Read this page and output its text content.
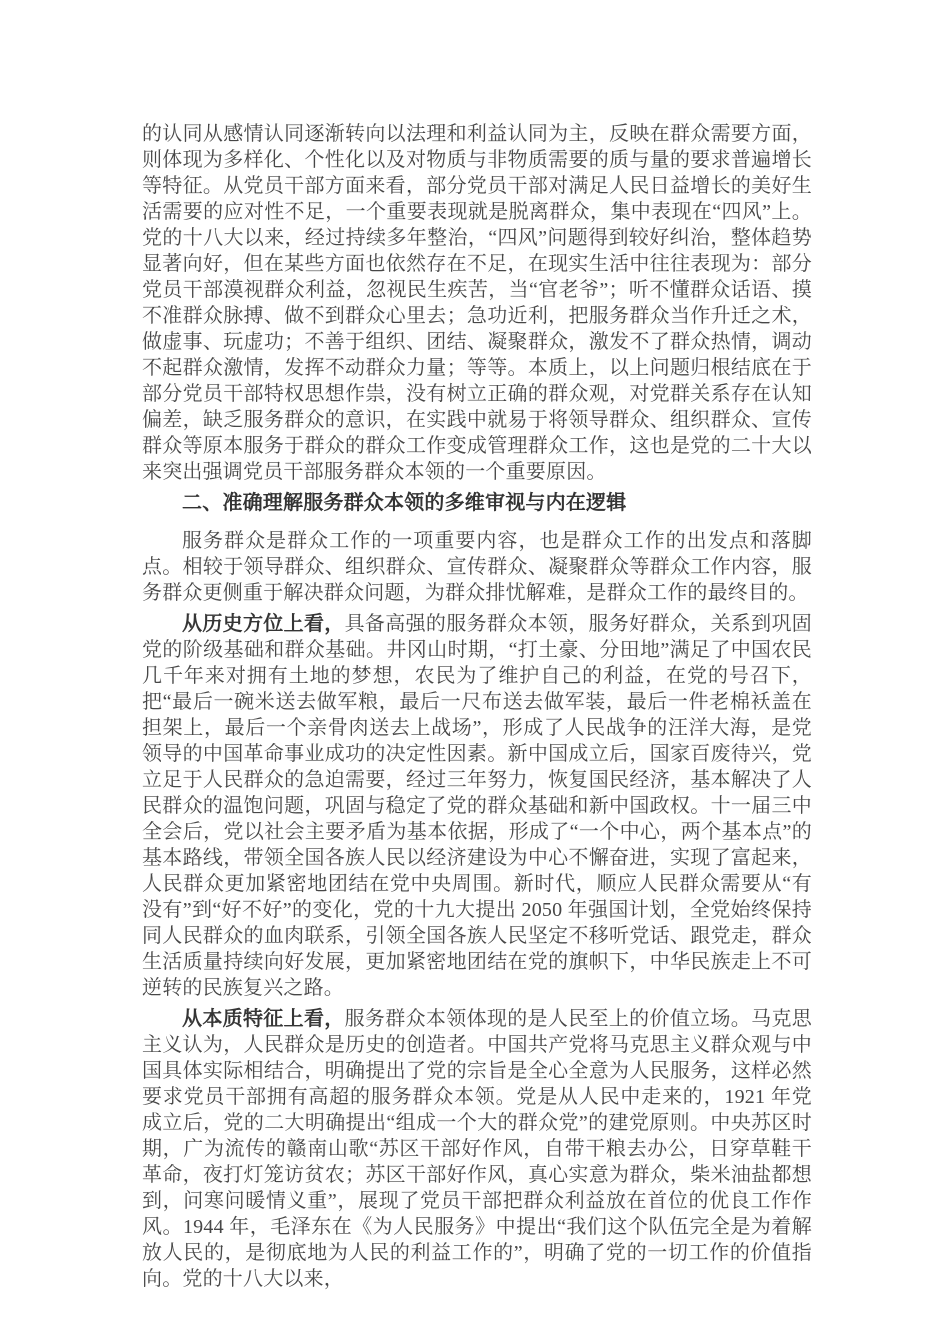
的认同从感情认同逐渐转向以法理和利益认同为主，反映在群众需要方面，则体现为多样化、个性化以及对物质与非物质需要的质与量的要求普遍增长等特征。从党员干部方面来看，部分党员干部对满足人民日益增长的美好生活需要的应对性不足，一个重要表现就是脱离群众，集中表现在“四风”上。党的十八大以来，经过持续多年整治，“四风”问题得到较好纠治，整体趋势显著向好，但在某些方面也依然存在不足，在现实生活中往往表现为：部分党员干部漠视群众利益，忽视民生疾苦，当“官老爷”；听不懂群众话语、摸不准群众脉搏、做不到群众心里去；急功近利，把服务群众当作升迁之术，做虚事、玩虚功；不善于组织、团结、凝聚群众，激发不了群众热情，调动不起群众激情，发挥不动群众力量；等等。本质上，以上问题归根结底在于部分党员干部特权思想作祟，没有树立正确的群众观，对党群关系存在认知偏差，缺乏服务群众的意识，在实践中就易于将领导群众、组织群众、宣传群众等原本服务于群众的群众工作变成管理群众工作，这也是党的二十大以来突出强调党员干部服务群众本领的一个重要原因。

二、准确理解服务群众本领的多维审视与内在逻辑

服务群众是群众工作的一项重要内容，也是群众工作的出发点和落脚点。相较于领导群众、组织群众、宣传群众、凝聚群众等群众工作内容，服务群众更侧重于解决群众问题，为群众排忧解难，是群众工作的最终目的。

从历史方位上看，具备高强的服务群众本领，服务好群众，关系到巩固党的阶级基础和群众基础。井冈山时期，“打土豪、分田地”满足了中国农民几千年来对拥有土地的梦想，农民为了维护自己的利益，在党的号召下，把“最后一碗米送去做军粮，最后一尺布送去做军装，最后一件老棉袄盖在担架上，最后一个亲骨肉送去上战场”，形成了人民战争的汪洋大海，是党领导的中国革命事业成功的决定性因素。新中国成立后，国家百废待兴，党立足于人民群众的急迫需要，经过三年努力，恢复国民经济，基本解决了人民群众的温饱问题，巩固与稳定了党的群众基础和新中国政权。十一届三中全会后，党以社会主要矛盾为基本依据，形成了“一个中心，两个基本点”的基本路线，带领全国各族人民以经济建设为中心不懈奋进，实现了富起来，人民群众更加紧密地团结在党中央周围。新时代，顺应人民群众需要从“有没有”到“好不好”的变化，党的十九大提出 2050 年强国计划，全党始终保持同人民群众的血肉联系，引领全国各族人民坚定不移听党话、跟党走，群众生活质量持续向好发展，更加紧密地团结在党的旗帜下，中华民族走上不可逆转的民族复兴之路。

从本质特征上看，服务群众本领体现的是人民至上的价值立场。马克思主义认为，人民群众是历史的创造者。中国共产党将马克思主义群众观与中国具体实际相结合，明确提出了党的宗旨是全心全意为人民服务，这样必然要求党员干部拥有高超的服务群众本领。党是从人民中走来的，1921 年党成立后，党的二大明确提出“组成一个大的群众党”的建党原则。中央苏区时期，广为流传的赣南山歌“苏区干部好作风，自带干粮去办公，日穿草鞋干革命，夜打灯笼访贫农；苏区干部好作风，真心实意为群众，柴米油盐都想到，问寒问暖情义重”，展现了党员干部把群众利益放在首位的优良工作作风。1944 年，毛泽东在《为人民服务》中提出“我们这个队伍完全是为着解放人民的，是彻底地为人民的利益工作的”，明确了党的一切工作的价值指向。党的十八大以来，
